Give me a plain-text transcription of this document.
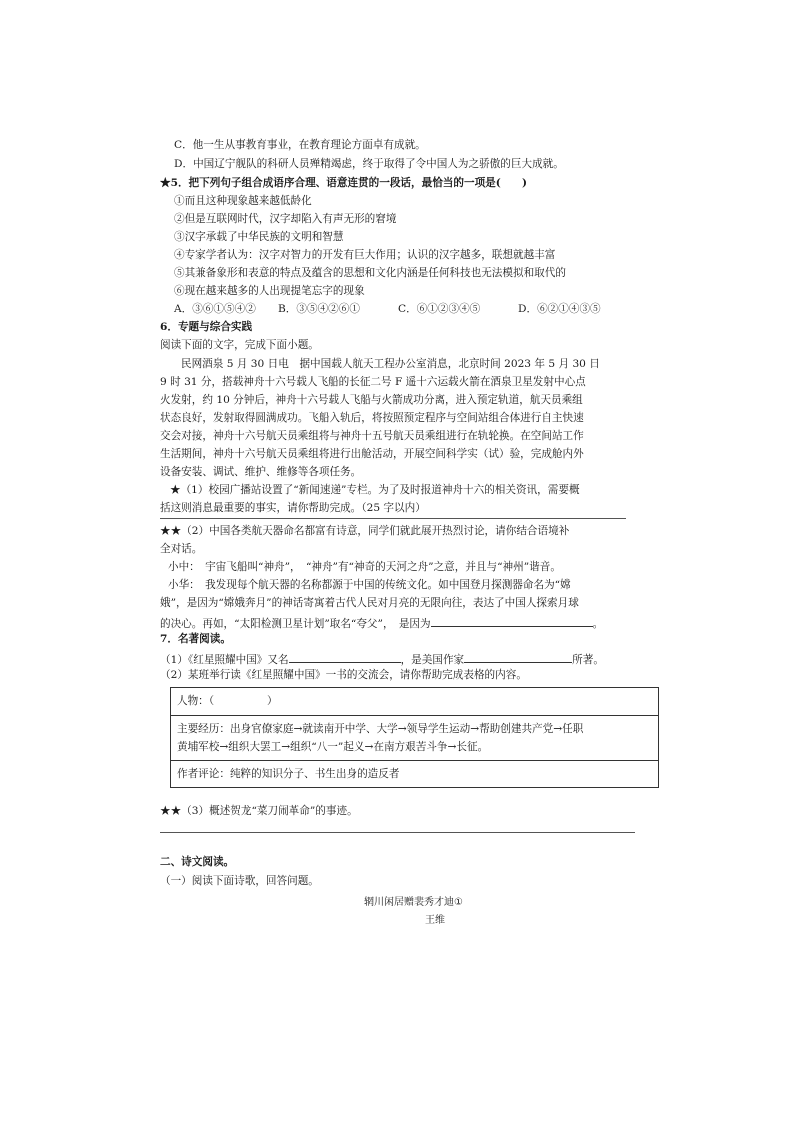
C．他一生从事教育事业，在教育理论方面卓有成就。
D．中国辽宁舰队的科研人员殚精竭虑，终于取得了令中国人为之骄傲的巨大成就。
★5．把下列句子组合成语序合理、语意连贯的一段话，最恰当的一项是(　　)
①而且这种现象越来越低龄化
②但是互联网时代，汉字却陷入有声无形的窘境
③汉字承载了中华民族的文明和智慧
④专家学者认为：汉字对智力的开发有巨大作用；认识的汉字越多，联想就越丰富
⑤其兼备象形和表意的特点及蕴含的思想和文化内涵是任何科技也无法模拟和取代的
⑥现在越来越多的人出现提笔忘字的现象
A．③⑥①⑤④② B．③⑤④②⑥①	C．⑥①②③④⑤	D．⑥②①④③⑤
6．专题与综合实践
阅读下面的文字，完成下面小题。
民网酒泉 5 月 30 日电　据中国载人航天工程办公室消息，北京时间 2023 年 5 月 30 日
9 时 31 分，搭载神舟十六号载人飞船的长征二号 F 遥十六运载火箭在酒泉卫星发射中心点
火发射，约 10 分钟后，神舟十六号载人飞船与火箭成功分离，进入预定轨道，航天员乘组
状态良好，发射取得圆满成功。飞船入轨后，将按照预定程序与空间站组合体进行自主快速
交会对接，神舟十六号航天员乘组将与神舟十五号航天员乘组进行在轨轮换。在空间站工作
生活期间，神舟十六号航天员乘组将进行出舱活动，开展空间科学实（试）验，完成舱内外
设备安装、调试、维护、维修等各项任务。
★（1）校园广播站设置了“新闻速递”专栏。为了及时报道神舟十六的相关资讯，需要概
括这则消息最重要的事实，请你帮助完成。（25 字以内）
★★（2）中国各类航天器命名都富有诗意，同学们就此展开热烈讨论，请你结合语境补
全对话。
小中：　宇宙飞船叫“神舟”，　“神舟”有“神奇的天河之舟”之意，并且与“神州”谐音。
小华：　我发现每个航天器的名称都源于中国的传统文化。如中国登月探测器命名为“嫦
娥”，是因为“嫦娥奔月”的神话寄寓着古代人民对月亮的无限向往，表达了中国人探索月球
的决心。再如，“太阳检测卫星计划”取名“夸父”，　是因为	。
7．名著阅读。
（1）《红星照耀中国》又名	，是美国作家	所著。
（2）某班举行读《红星照耀中国》一书的交流会，请你帮助完成表格的内容。
人物：（　　　　　）
主要经历：出身官僚家庭→就读南开中学、大学→领导学生运动→帮助创建共产党→任职
黄埔军校→组织大罢工→组织“八一”起义→在南方艰苦斗争→长征。
作者评论：纯粹的知识分子、书生出身的造反者
★★（3）概述贺龙“菜刀闹革命”的事迹。
二、诗文阅读。
（一）阅读下面诗歌，回答问题。
辋川闲居赠裴秀才迪①
王维
